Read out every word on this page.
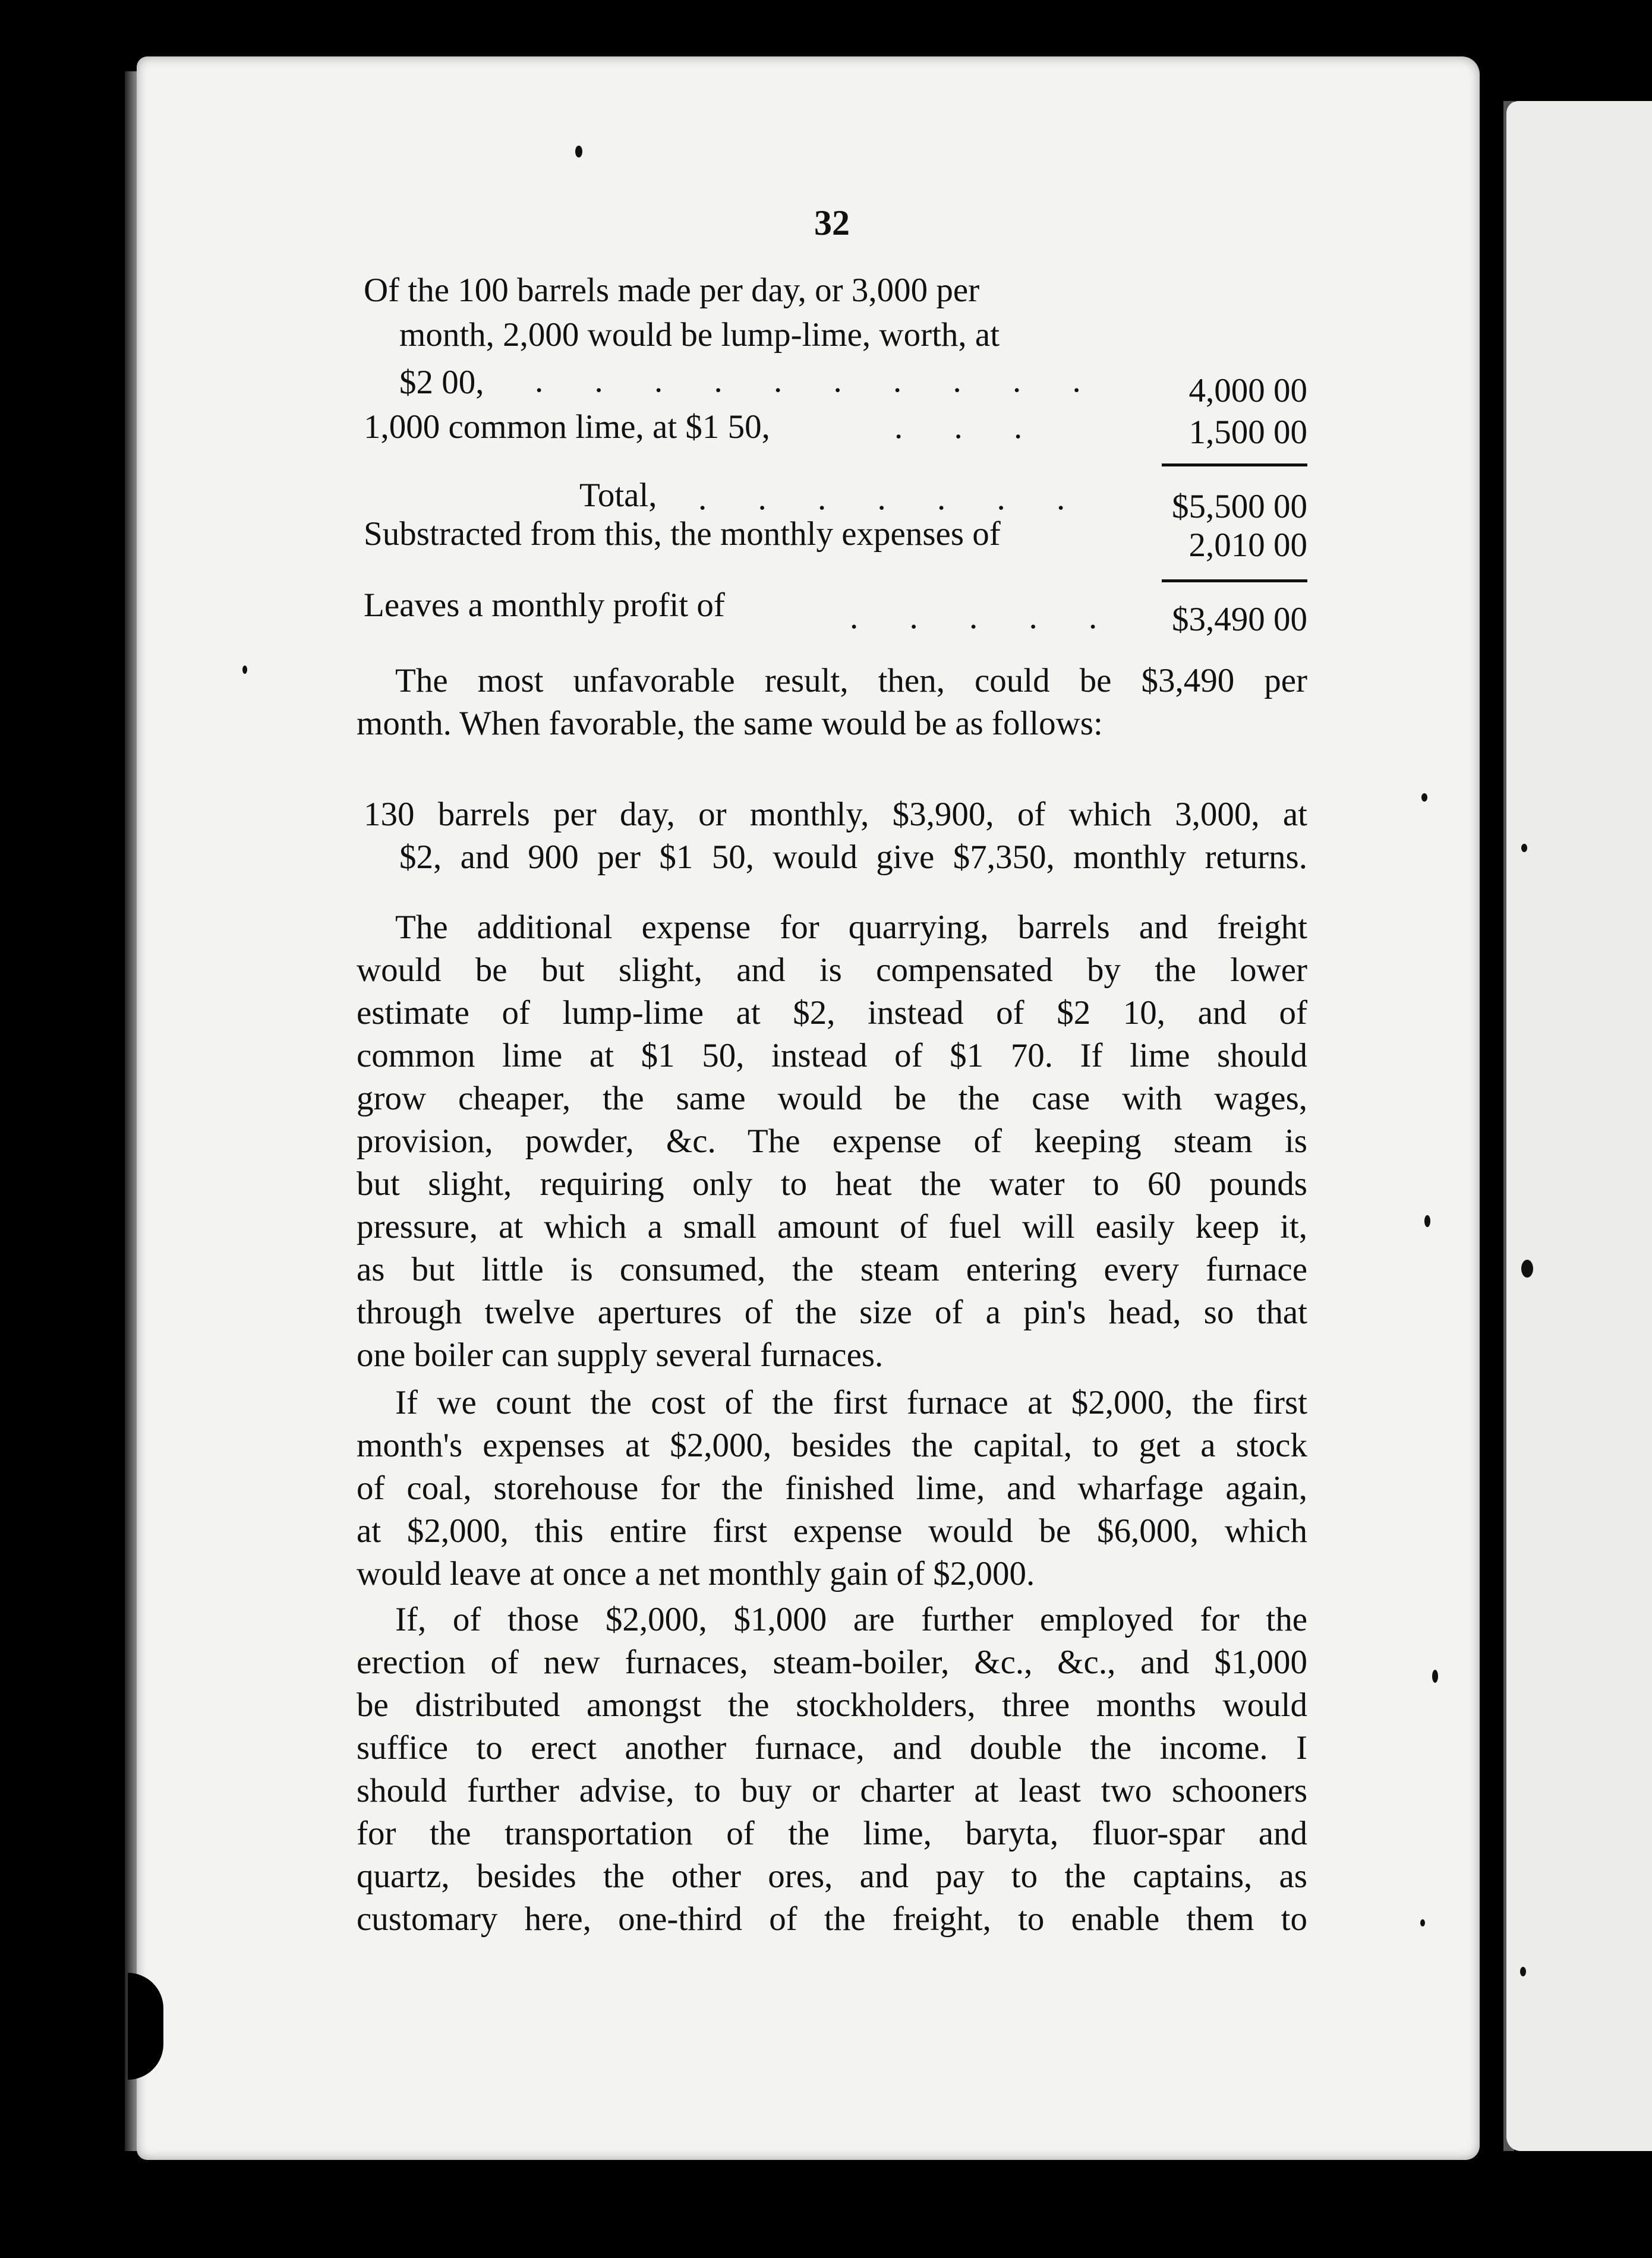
32
Of the 100 barrels made per day, or 3,000 per
month, 2,000 would be lump-lime, worth, at
$2 00, . . . . . . . . . .	4,000 00
1,000 common lime, at $1 50,	. . .	1,500 00
Total, . . . . . . .	$5,500 00
Substracted from this, the monthly expenses of	2,010 00
Leaves a monthly profit of	. . . . .	$3,490 00
The most unfavorable result, then, could be $3,490 per
month. When favorable, the same would be as follows:
130 barrels per day, or monthly, $3,900, of which 3,000, at
$2, and 900 per $1 50, would give $7,350, monthly returns.
The additional expense for quarrying, barrels and freight
would be but slight, and is compensated by the lower
estimate of lump-lime at $2, instead of $2 10, and of
common lime at $1 50, instead of $1 70. If lime should
grow cheaper, the same would be the case with wages,
provision, powder, &c. The expense of keeping steam is
but slight, requiring only to heat the water to 60 pounds
pressure, at which a small amount of fuel will easily keep it,
as but little is consumed, the steam entering every furnace
through twelve apertures of the size of a pin's head, so that
one boiler can supply several furnaces.
If we count the cost of the first furnace at $2,000, the first
month's expenses at $2,000, besides the capital, to get a stock
of coal, storehouse for the finished lime, and wharfage again,
at $2,000, this entire first expense would be $6,000, which
would leave at once a net monthly gain of $2,000.
If, of those $2,000, $1,000 are further employed for the
erection of new furnaces, steam-boiler, &c., &c., and $1,000
be distributed amongst the stockholders, three months would
suffice to erect another furnace, and double the income. I
should further advise, to buy or charter at least two schooners
for the transportation of the lime, baryta, fluor-spar and
quartz, besides the other ores, and pay to the captains, as
customary here, one-third of the freight, to enable them to
